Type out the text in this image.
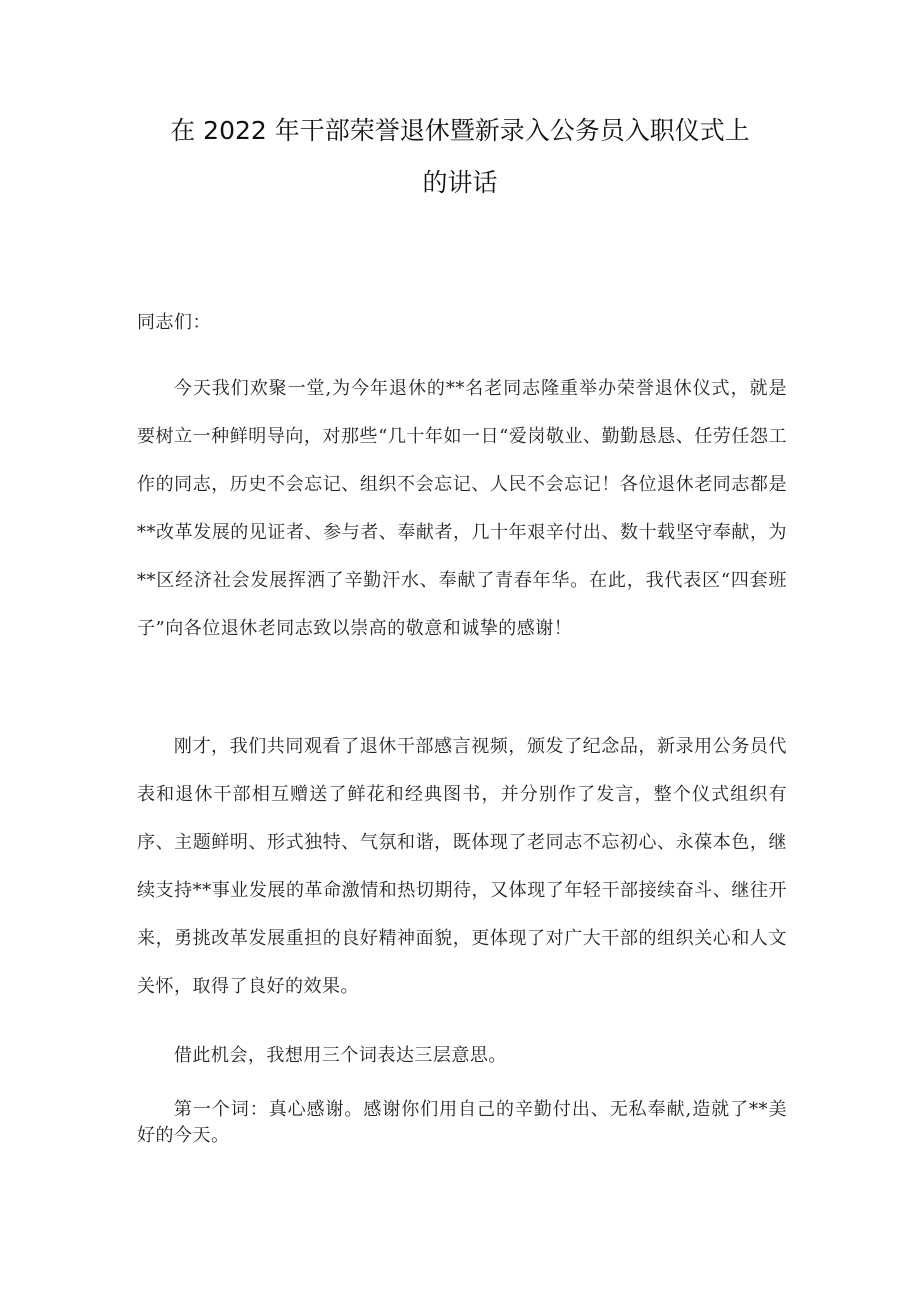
在 2022 年干部荣誉退休暨新录入公务员入职仪式上
的讲话
同志们：

今天我们欢聚一堂,为今年退休的**名老同志隆重举办荣誉退休仪式，就是要树立一种鲜明导向，对那些“几十年如一日“爱岗敬业、勤勤恳恳、任劳任怨工作的同志，历史不会忘记、组织不会忘记、人民不会忘记！各位退休老同志都是**改革发展的见证者、参与者、奉献者，几十年艰辛付出、数十载坚守奉献，为**区经济社会发展挥洒了辛勤汗水、奉献了青春年华。在此，我代表区“四套班子”向各位退休老同志致以崇高的敬意和诚挚的感谢！

刚才，我们共同观看了退休干部感言视频，颁发了纪念品，新录用公务员代表和退休干部相互赠送了鲜花和经典图书，并分别作了发言，整个仪式组织有序、主题鲜明、形式独特、气氛和谐，既体现了老同志不忘初心、永葆本色，继续支持**事业发展的革命激情和热切期待，又体现了年轻干部接续奋斗、继往开来，勇挑改革发展重担的良好精神面貌，更体现了对广大干部的组织关心和人文关怀，取得了良好的效果。

借此机会，我想用三个词表达三层意思。

第一个词：真心感谢。感谢你们用自己的辛勤付出、无私奉献,造就了**美好的今天。
